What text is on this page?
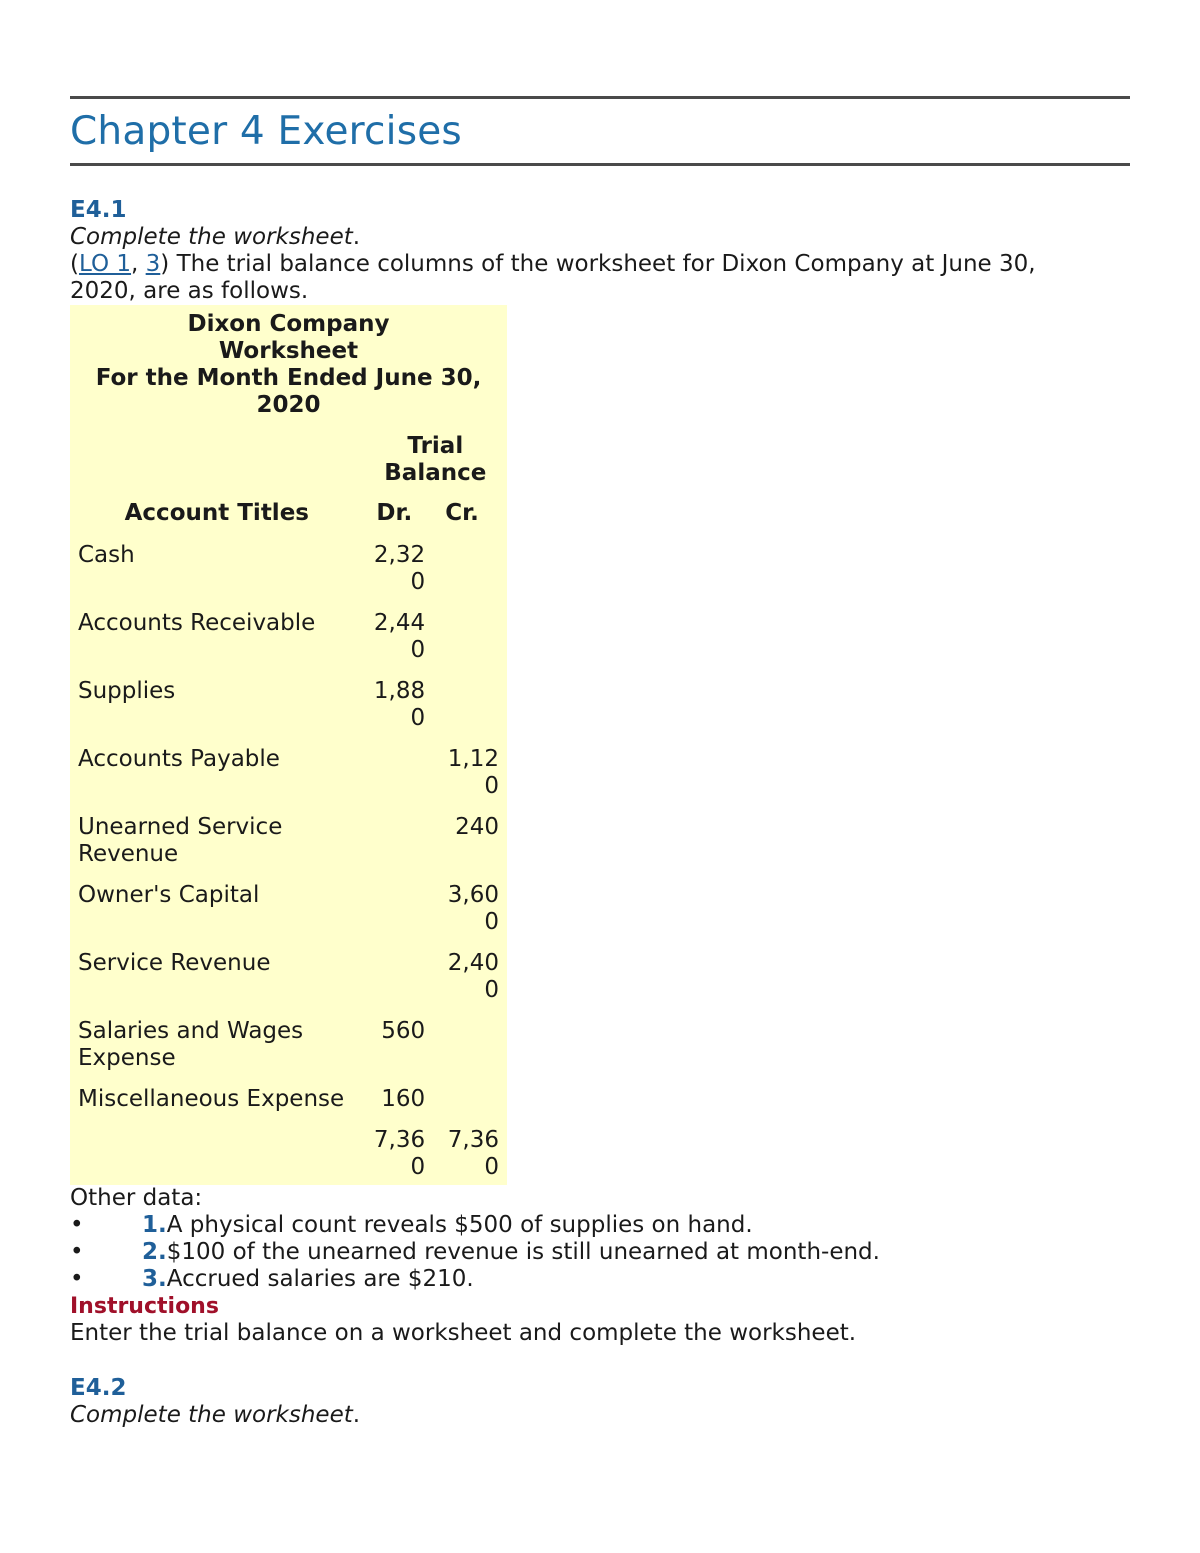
Chapter 4 Exercises
E4.1
Complete the worksheet.
(LO 1, 3) The trial balance columns of the worksheet for Dixon Company at June 30,
2020, are as follows.
Dixon Company
Worksheet
For the Month Ended June 30,
2020

	Trial
Balance	

Account Titles	Dr.	Cr.
Cash	2,320	
Accounts Receivable	2,440	
Supplies	1,880	
Accounts Payable		1,120
Unearned Service Revenue		240
Owner's Capital		3,600
Service Revenue		2,400
Salaries and Wages Expense	560	
Miscellaneous Expense	160	
	7,360	7,360
Other data:
•	1.A physical count reveals $500 of supplies on hand.
•	2.$100 of the unearned revenue is still unearned at month-end.
•	3.Accrued salaries are $210.
Instructions
Enter the trial balance on a worksheet and complete the worksheet.
E4.2
Complete the worksheet.
